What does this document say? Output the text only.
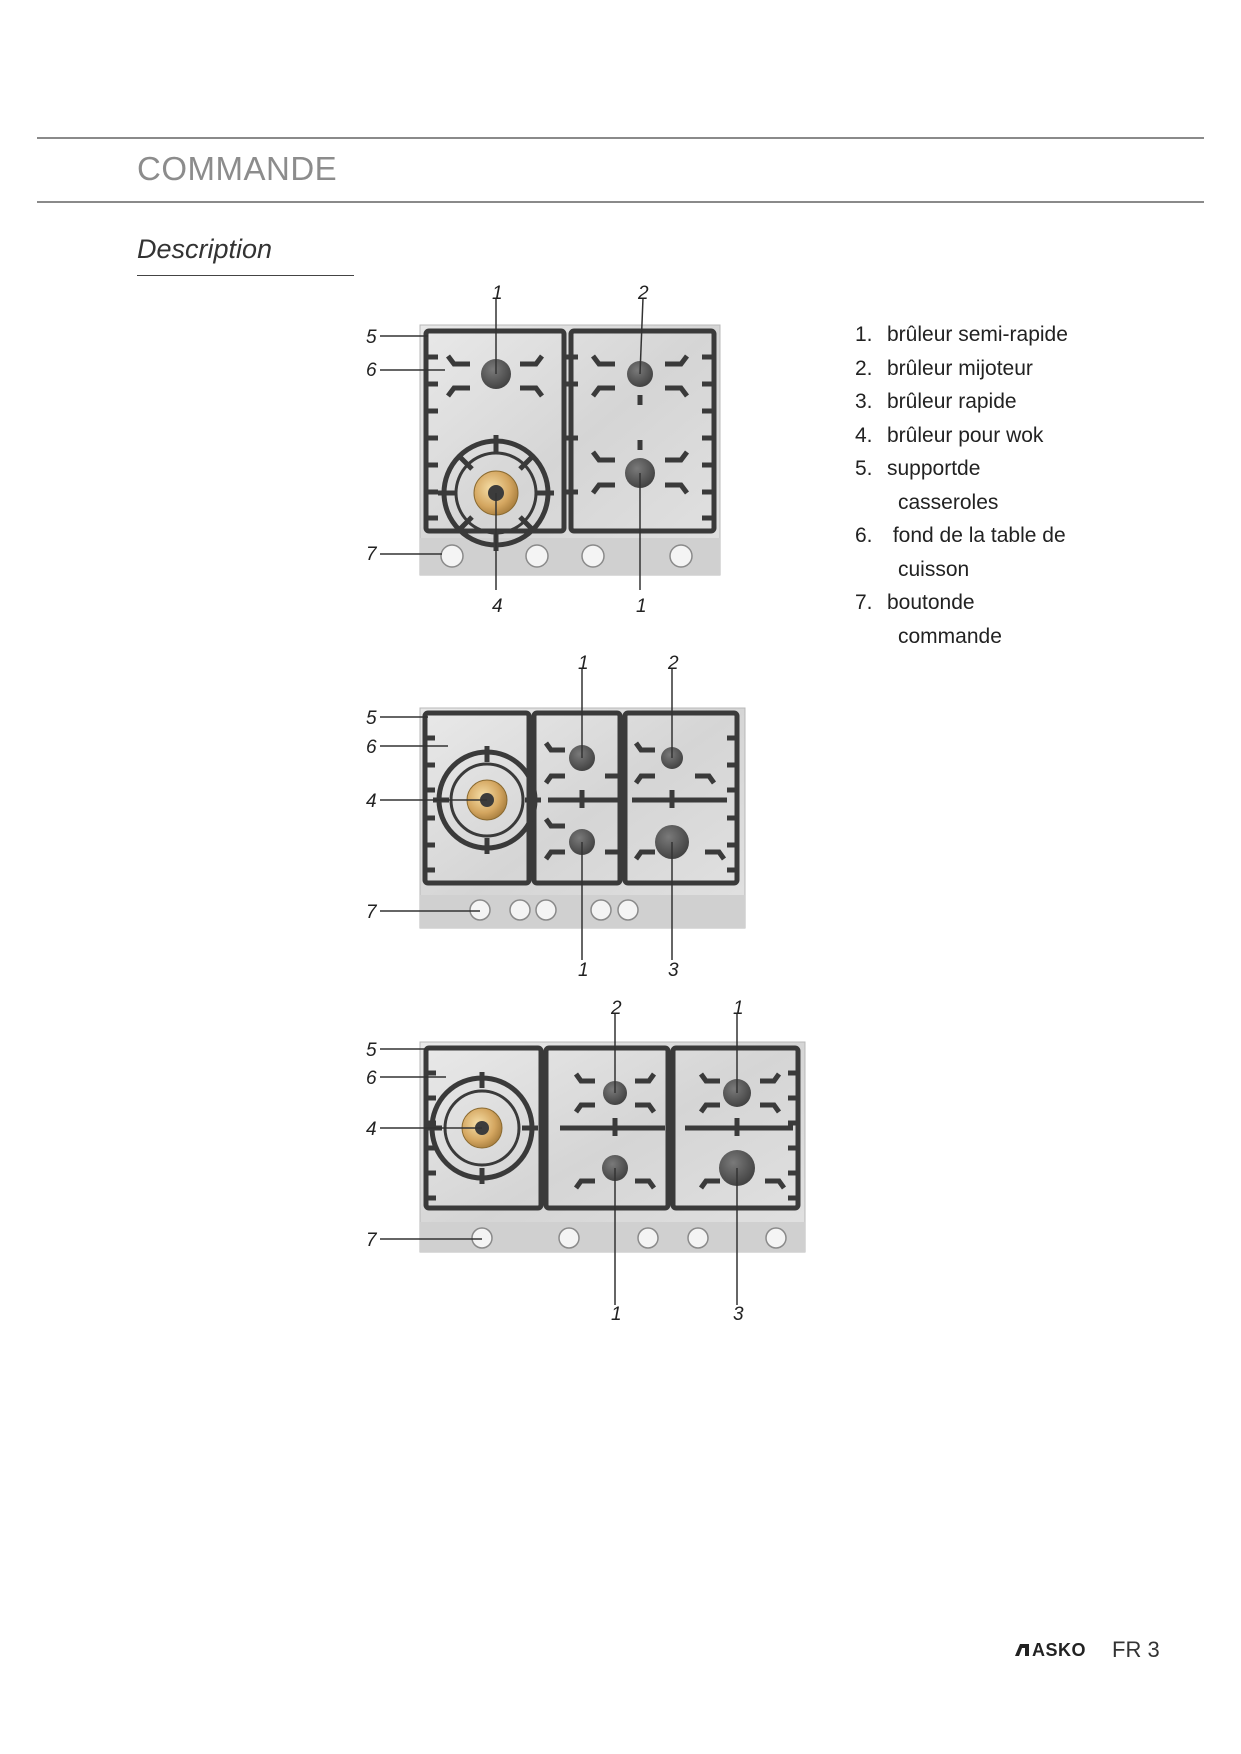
COMMANDE
Description
1. brûleur semi-rapide
2. brûleur mijoteur
3. brûleur rapide
4. brûleur pour wok
5. supportde
casseroles
6. fond de la table de
cuisson
7. boutonde
commande
1	2
5
6
7
4	1
1	2
5
6
4
7
1	3
2	1
5
6
4
7
1	3
ASKO FR 3
